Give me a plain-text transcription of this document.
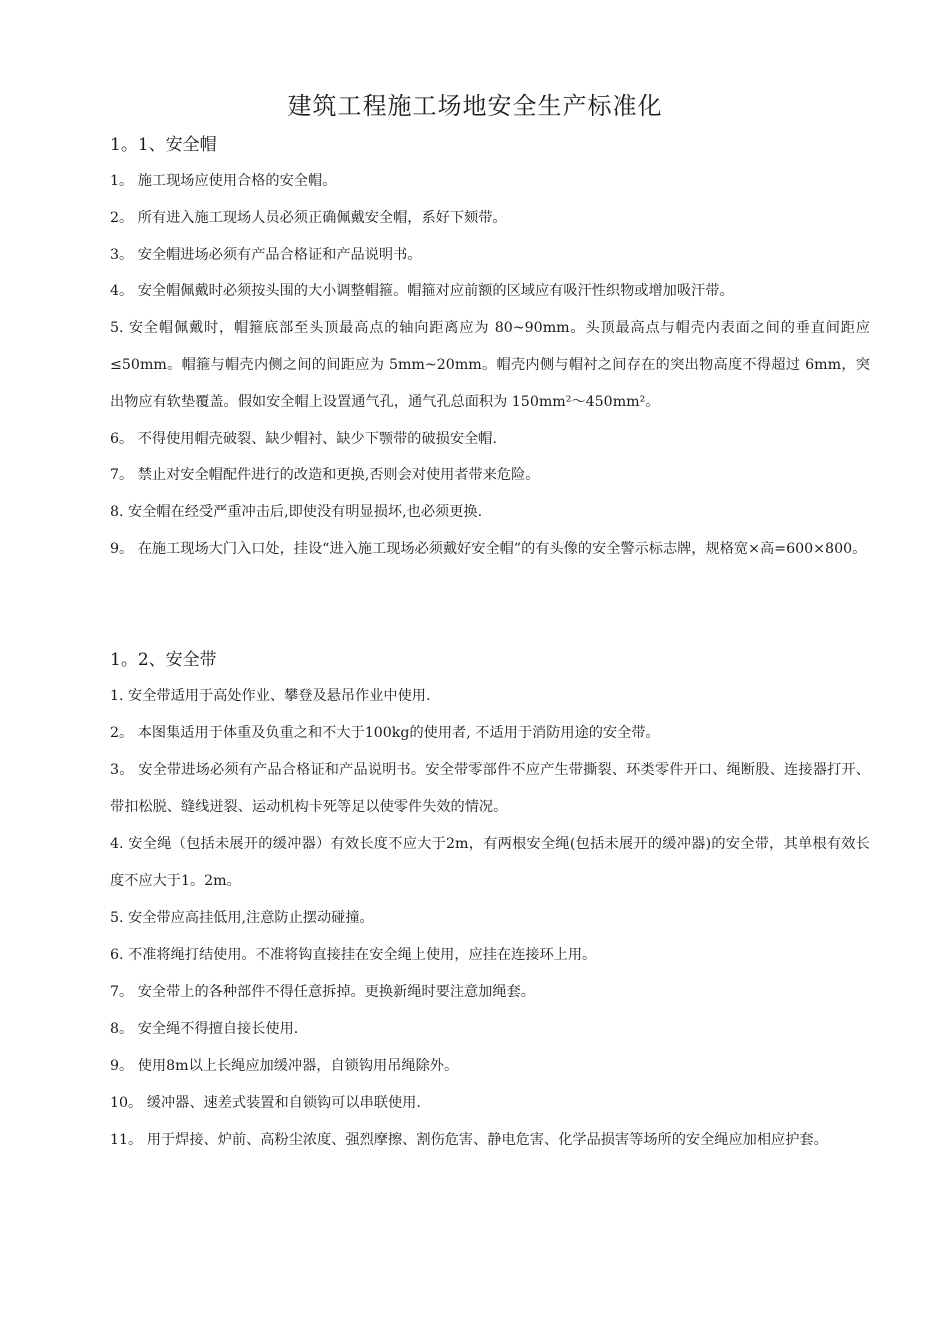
建筑工程施工场地安全生产标准化
1。1、安全帽

1。 施工现场应使用合格的安全帽。

2。 所有进入施工现场人员必须正确佩戴安全帽，系好下颏带。

3。 安全帽进场必须有产品合格证和产品说明书。

4。 安全帽佩戴时必须按头围的大小调整帽箍。帽箍对应前额的区域应有吸汗性织物或增加吸汗带。

5. 安全帽佩戴时，帽箍底部至头顶最高点的轴向距离应为 80~90mm。头顶最高点与帽壳内表面之间的垂直间距应≤50mm。帽箍与帽壳内侧之间的间距应为 5mm~20mm。帽壳内侧与帽衬之间存在的突出物高度不得超过 6mm，突出物应有软垫覆盖。假如安全帽上设置通气孔，通气孔总面积为 150mm²～450mm²。

6。 不得使用帽壳破裂、缺少帽衬、缺少下颚带的破损安全帽.

7。 禁止对安全帽配件进行的改造和更换,否则会对使用者带来危险。

8. 安全帽在经受严重冲击后,即使没有明显损坏,也必须更换.

9。 在施工现场大门入口处，挂设“进入施工现场必须戴好安全帽”的有头像的安全警示标志牌，规格宽×高=600×800。

1。2、安全带

1. 安全带适用于高处作业、攀登及悬吊作业中使用.

2。 本图集适用于体重及负重之和不大于100kg的使用者, 不适用于消防用途的安全带。

3。 安全带进场必须有产品合格证和产品说明书。安全带零部件不应产生带撕裂、环类零件开口、绳断股、连接器打开、带扣松脱、缝线迸裂、运动机构卡死等足以使零件失效的情况。

4. 安全绳（包括未展开的缓冲器）有效长度不应大于2m，有两根安全绳(包括未展开的缓冲器)的安全带，其单根有效长度不应大于1。2m。

5. 安全带应高挂低用,注意防止摆动碰撞。

6. 不准将绳打结使用。不准将钩直接挂在安全绳上使用，应挂在连接环上用。

7。 安全带上的各种部件不得任意拆掉。更换新绳时要注意加绳套。

8。 安全绳不得擅自接长使用.

9。 使用8m以上长绳应加缓冲器，自锁钩用吊绳除外。

10。 缓冲器、速差式装置和自锁钩可以串联使用.

11。 用于焊接、炉前、高粉尘浓度、强烈摩擦、割伤危害、静电危害、化学品损害等场所的安全绳应加相应护套。
